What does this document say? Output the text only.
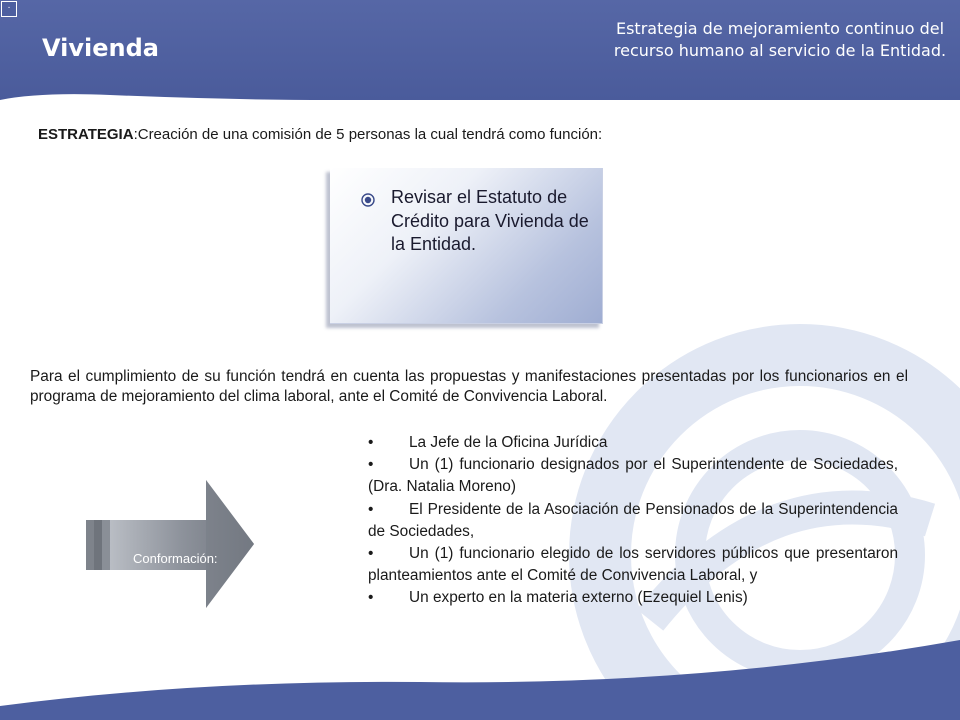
·
Vivienda
Estrategia de mejoramiento continuo del recurso humano al servicio de la Entidad.
ESTRATEGIA:Creación de una comisión de 5 personas la cual tendrá como función:
Revisar el Estatuto de Crédito para Vivienda de la Entidad.
Para el cumplimiento de su función tendrá en cuenta las propuestas y manifestaciones presentadas por los funcionarios en el programa de mejoramiento del clima laboral, ante el Comité de Convivencia Laboral.
• La Jefe de la Oficina Jurídica
• Un (1) funcionario designados por el Superintendente de Sociedades, (Dra. Natalia Moreno)
• El Presidente de la Asociación de Pensionados de la Superintendencia de Sociedades,
• Un (1) funcionario elegido de los servidores públicos que presentaron planteamientos ante el Comité de Convivencia Laboral, y
• Un experto en la materia externo (Ezequiel Lenis)
Conformación:
